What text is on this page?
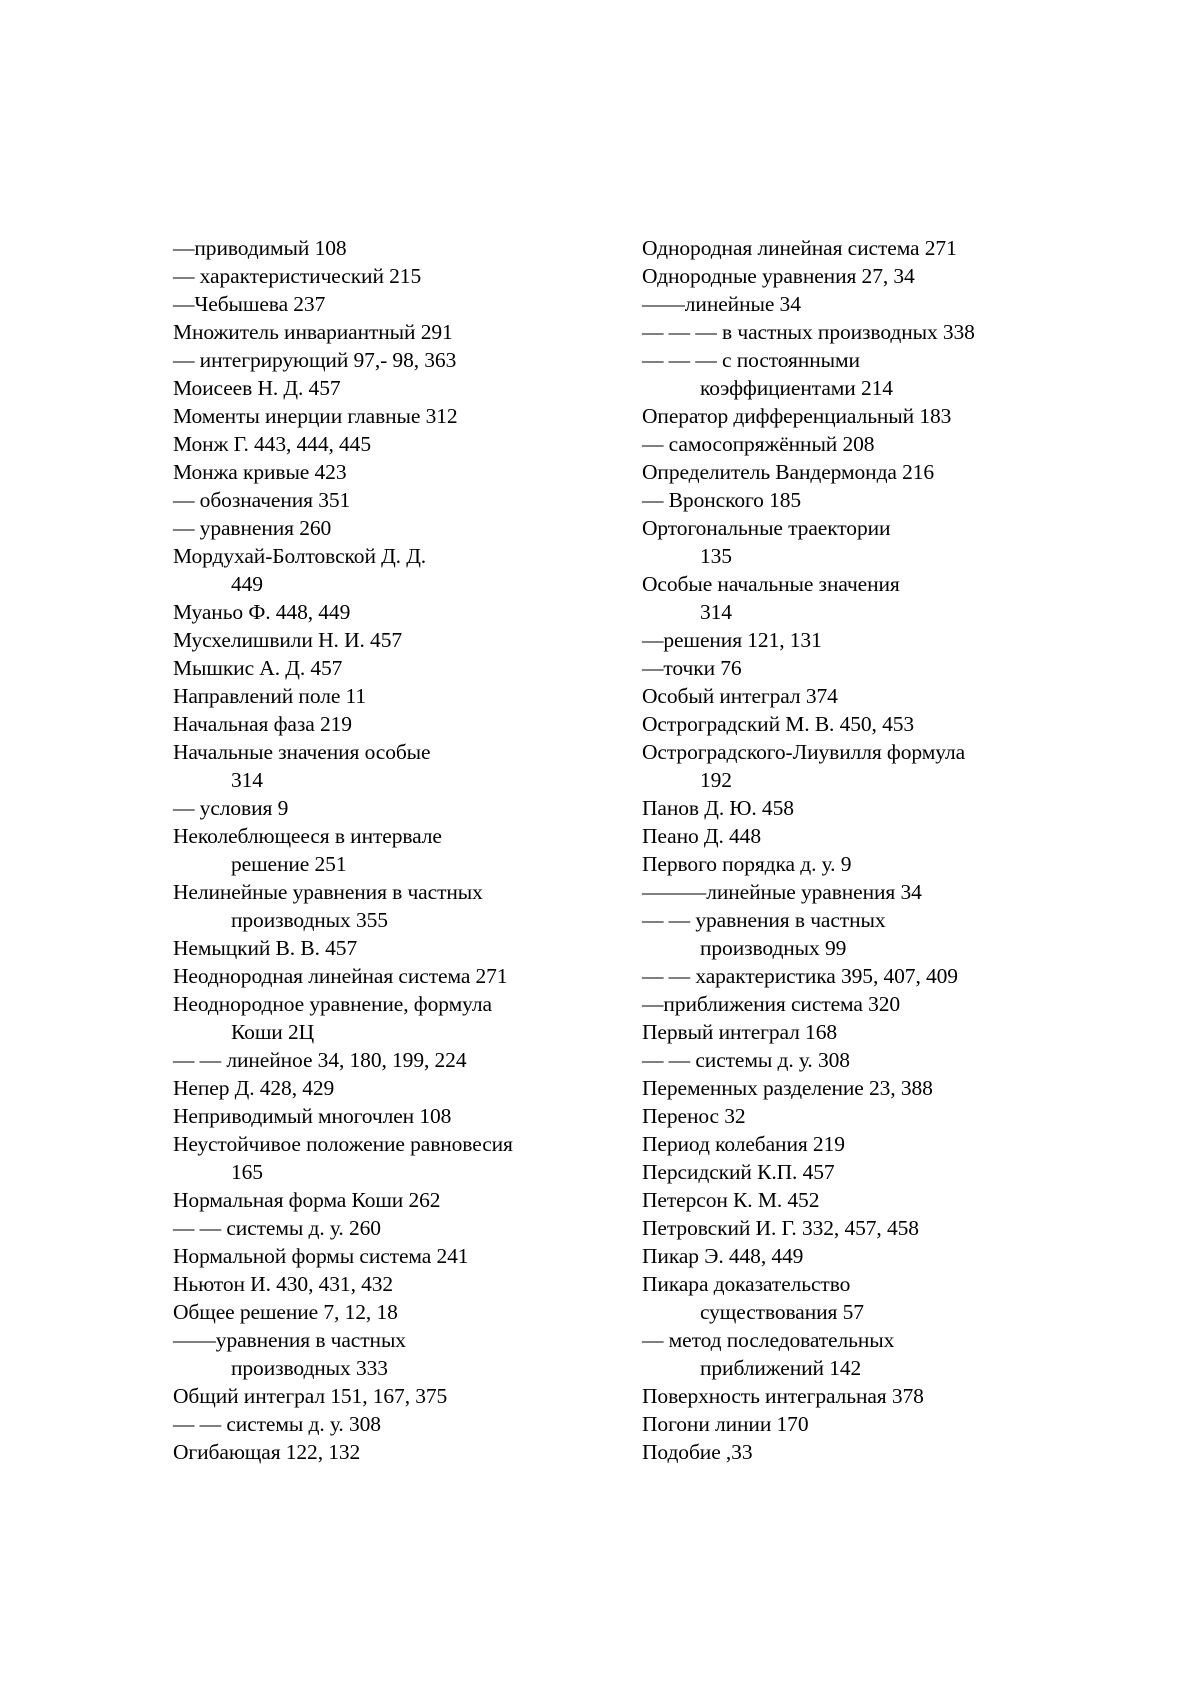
—приводимый 108
— характеристический 215
—Чебышева 237
Множитель инвариантный 291
— интегрирующий 97,- 98, 363
Моисеев Н. Д. 457
Моменты инерции главные 312
Монж Г. 443, 444, 445
Монжа кривые 423
— обозначения 351
— уравнения 260
Мордухай-Болтовской Д. Д.
449
Муаньо Ф. 448, 449
Мусхелишвили Н. И. 457
Мышкис А. Д. 457
Направлений поле 11
Начальная фаза 219
Начальные значения особые
314
— условия 9
Неколеблющееся в интервале
решение 251
Нелинейные уравнения в частных
производных 355
Немыцкий В. В. 457
Неоднородная линейная система 271
Неоднородное уравнение, формула
Коши 2Ц
— — линейное 34, 180, 199, 224
Непер Д. 428, 429
Неприводимый многочлен 108
Неустойчивое положение равновесия
165
Нормальная форма Коши 262
— — системы д. у. 260
Нормальной формы система 241
Ньютон И. 430, 431, 432
Общее решение 7, 12, 18
——уравнения в частных
производных 333
Общий интеграл 151, 167, 375
— — системы д. у. 308
Огибающая 122, 132
Однородная линейная система 271
Однородные уравнения 27, 34
——линейные 34
— — — в частных производных 338
— — — с постоянными
коэффициентами 214
Оператор дифференциальный 183
— самосопряжённый 208
Определитель Вандермонда 216
— Вронского 185
Ортогональные траектории
135
Особые начальные значения
314
—решения 121, 131
—точки 76
Особый интеграл 374
Остроградский М. В. 450, 453
Остроградского-Лиувилля формула
192
Панов Д. Ю. 458
Пеано Д. 448
Первого порядка д. у. 9
———линейные уравнения 34
— — уравнения в частных
производных 99
— — характеристика 395, 407, 409
—приближения система 320
Первый интеграл 168
— — системы д. у. 308
Переменных разделение 23, 388
Перенос 32
Период колебания 219
Персидский К.П. 457
Петерсон К. М. 452
Петровский И. Г. 332, 457, 458
Пикар Э. 448, 449
Пикара доказательство
существования 57
— метод последовательных
приближений 142
Поверхность интегральная 378
Погони линии 170
Подобие ,33
